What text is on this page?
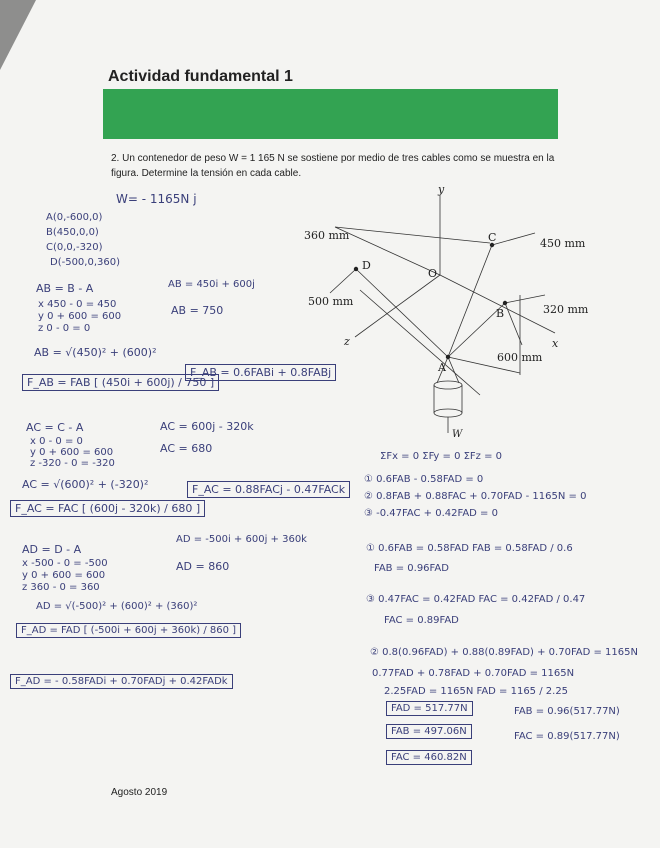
Actividad fundamental 1
2. Un contenedor de peso W = 1 165 N se sostiene por medio de tres cables como se muestra en la figura. Determine la tensión en cada cable.
y
x
z
A
B
C
D
O
W
360 mm
450 mm
500 mm
320 mm
600 mm
W= - 1165N j
A(0,-600,0)
B(450,0,0)
C(0,0,-320)
D(-500,0,360)
AB = B - A
x 450 - 0 = 450
y 0 + 600 = 600
z 0 - 0 = 0
AB = √(450)² + (600)²
F_AB = FAB [ (450i + 600j) / 750 ]
AC = C - A
x 0 - 0 = 0
y 0 + 600 = 600
z -320 - 0 = -320
AC = √(600)² + (-320)²
F_AC = FAC [ (600j - 320k) / 680 ]
AD = D - A
x -500 - 0 = -500
y 0 + 600 = 600
z 360 - 0 = 360
AD = √(-500)² + (600)² + (360)²
F_AD = FAD [ (-500i + 600j + 360k) / 860 ]
F_AD = - 0.58FADi + 0.70FADj + 0.42FADk
AB = 450i + 600j
AB = 750
F_AB = 0.6FABi + 0.8FABj
AC = 600j - 320k
AC = 680
F_AC = 0.88FACj - 0.47FACk
AD = -500i + 600j + 360k
AD = 860
ΣFx = 0 ΣFy = 0 ΣFz = 0
① 0.6FAB - 0.58FAD = 0
② 0.8FAB + 0.88FAC + 0.70FAD - 1165N = 0
③ -0.47FAC + 0.42FAD = 0
① 0.6FAB = 0.58FAD FAB = 0.58FAD / 0.6
FAB = 0.96FAD
③ 0.47FAC = 0.42FAD FAC = 0.42FAD / 0.47
FAC = 0.89FAD
② 0.8(0.96FAD) + 0.88(0.89FAD) + 0.70FAD = 1165N
0.77FAD + 0.78FAD + 0.70FAD = 1165N
2.25FAD = 1165N FAD = 1165 / 2.25
FAD = 517.77N
FAB = 497.06N
FAC = 460.82N
FAB = 0.96(517.77N)
FAC = 0.89(517.77N)
Agosto 2019
